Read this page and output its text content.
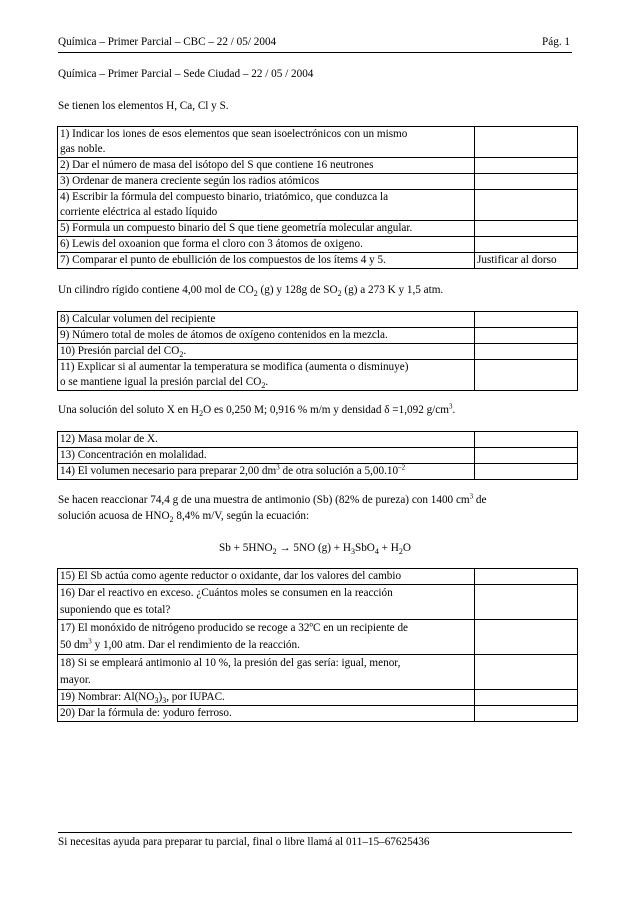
Química – Primer Parcial – CBC – 22 / 05/ 2004	Pág. 1
Química – Primer Parcial – Sede Ciudad – 22 / 05 / 2004
Se tienen los elementos H, Ca, Cl y S.
1) Indicar los iones de esos elementos que sean isoelectrónicos con un mismo
gas noble.	
2) Dar el número de masa del isótopo del S que contiene 16 neutrones	
3) Ordenar de manera creciente según los radios atómicos	
4) Escribir la fórmula del compuesto binario, triatómico, que conduzca la
corriente eléctrica al estado líquido	
5) Formula un compuesto binario del S que tiene geometría molecular angular.	
6) Lewis del oxoanion que forma el cloro con 3 átomos de oxigeno.	
7) Comparar el punto de ebullición de los compuestos de los ítems 4 y 5.	Justificar al dorso
Un cilindro rígido contiene 4,00 mol de $CO_2$ (g) y 128g de $SO_2$ (g) a 273 K y 1,5 atm.
8) Calcular volumen del recipiente	
9) Número total de moles de átomos de oxígeno contenidos en la mezcla.	
10) Presión parcial del $CO_2$.	
11) Explicar si al aumentar la temperatura se modifica (aumenta o disminuye)
o se mantiene igual la presión parcial del $CO_2$.	
Una solución del soluto X en $H_2O$ es 0,250 M; 0,916 % m/m y densidad δ =1,092 $g/cm^3$.
12) Masa molar de X.	
13) Concentración en molalidad.	
14) El volumen necesario para preparar 2,00 $dm^3$ de otra solución a $5,00.10^{-2}$	
Se hacen reaccionar 74,4 g de una muestra de antimonio (Sb) (82% de pureza) con 1400 $cm^3$ de
solución acuosa de $HNO_2$ 8,4% m/V, según la ecuación:
$Sb + 5HNO_2 \to 5NO$ $(g) + H_3SbO_4 + H_2O$
15) El Sb actúa como agente reductor o oxidante, dar los valores del cambio	
16) Dar el reactivo en exceso. ¿Cuántos moles se consumen en la reacción
suponiendo que es total?	
17) El monóxido de nitrógeno producido se recoge a 32ºC en un recipiente de
50 $dm^3$ y 1,00 atm. Dar el rendimiento de la reacción.	
18) Si se empleará antimonio al 10 %, la presión del gas sería: igual, menor,
mayor.	
19) Nombrar: $Al(NO_3)_3$, por IUPAC.	
20) Dar la fórmula de: yoduro ferroso.	
Si necesitas ayuda para preparar tu parcial, final o libre llamá al 011–15–67625436
